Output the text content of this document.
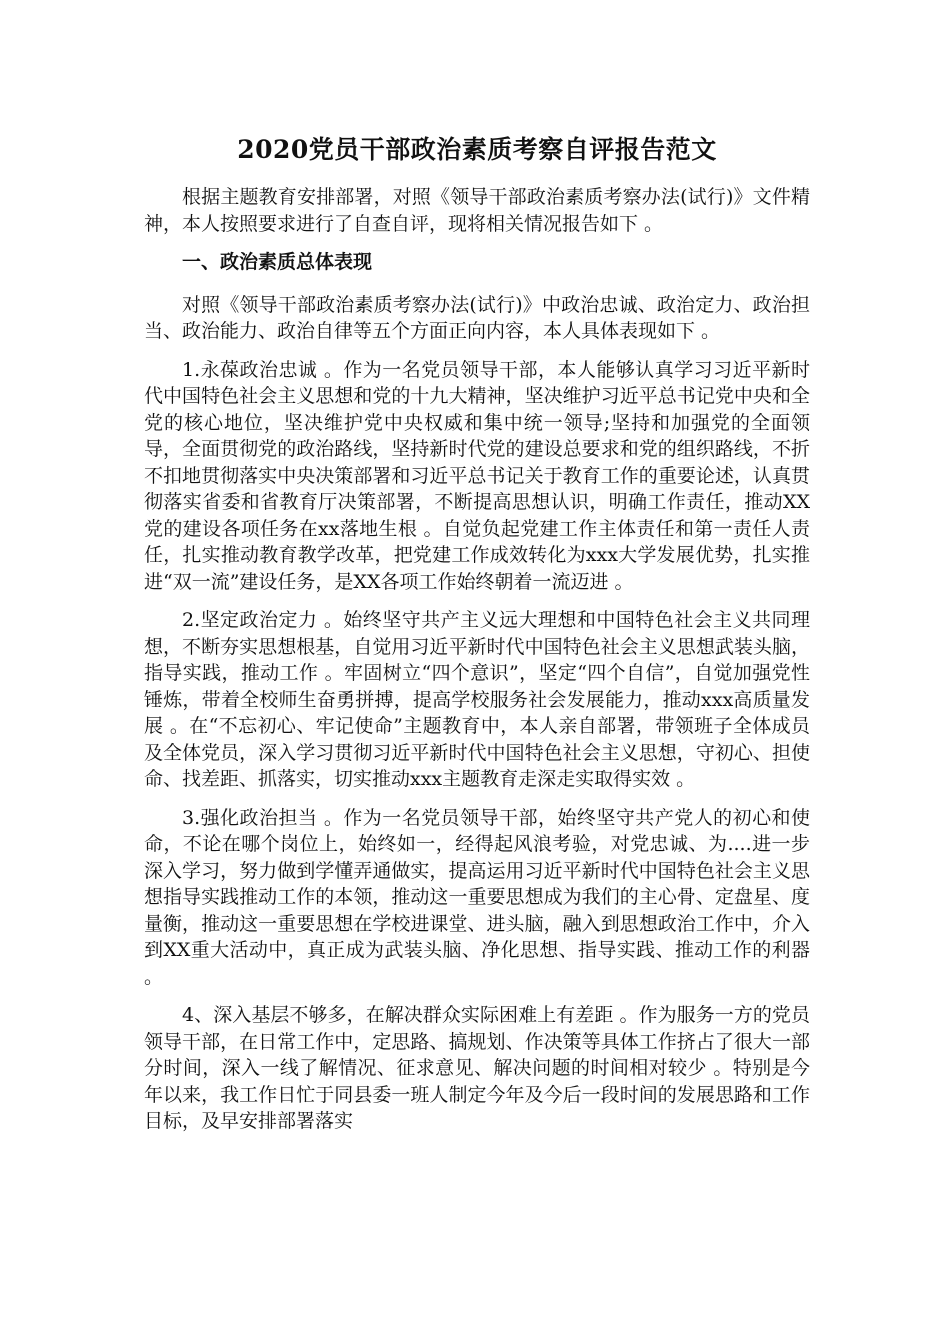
2020党员干部政治素质考察自评报告范文

根据主题教育安排部署，对照《领导干部政治素质考察办法(试行)》文件精神，本人按照要求进行了自查自评，现将相关情况报告如下 。

一、政治素质总体表现

对照《领导干部政治素质考察办法(试行)》中政治忠诚、政治定力、政治担当、政治能力、政治自律等五个方面正向内容，本人具体表现如下 。

1.永葆政治忠诚 。作为一名党员领导干部，本人能够认真学习习近平新时代中国特色社会主义思想和党的十九大精神，坚决维护习近平总书记党中央和全党的核心地位，坚决维护党中央权威和集中统一领导;坚持和加强党的全面领导，全面贯彻党的政治路线，坚持新时代党的建设总要求和党的组织路线，不折不扣地贯彻落实中央决策部署和习近平总书记关于教育工作的重要论述，认真贯彻落实省委和省教育厅决策部署，不断提高思想认识，明确工作责任，推动XX党的建设各项任务在xx落地生根 。自觉负起党建工作主体责任和第一责任人责任，扎实推动教育教学改革，把党建工作成效转化为xxx大学发展优势，扎实推进“双一流”建设任务，是XX各项工作始终朝着一流迈进 。

2.坚定政治定力 。始终坚守共产主义远大理想和中国特色社会主义共同理想，不断夯实思想根基，自觉用习近平新时代中国特色社会主义思想武装头脑，指导实践，推动工作 。牢固树立“四个意识”，坚定“四个自信”，自觉加强党性锤炼，带着全校师生奋勇拼搏，提高学校服务社会发展能力，推动xxx高质量发展 。在“不忘初心、牢记使命”主题教育中，本人亲自部署，带领班子全体成员及全体党员，深入学习贯彻习近平新时代中国特色社会主义思想，守初心、担使命、找差距、抓落实，切实推动xxx主题教育走深走实取得实效 。

3.强化政治担当 。作为一名党员领导干部，始终坚守共产党人的初心和使命，不论在哪个岗位上，始终如一，经得起风浪考验，对党忠诚、为....进一步深入学习，努力做到学懂弄通做实，提高运用习近平新时代中国特色社会主义思想指导实践推动工作的本领，推动这一重要思想成为我们的主心骨、定盘星、度量衡，推动这一重要思想在学校进课堂、进头脑，融入到思想政治工作中，介入到XX重大活动中，真正成为武装头脑、净化思想、指导实践、推动工作的利器 。

4、深入基层不够多，在解决群众实际困难上有差距 。作为服务一方的党员领导干部，在日常工作中，定思路、搞规划、作决策等具体工作挤占了很大一部分时间，深入一线了解情况、征求意见、解决问题的时间相对较少 。特别是今年以来，我工作日忙于同县委一班人制定今年及今后一段时间的发展思路和工作目标，及早安排部署落实
